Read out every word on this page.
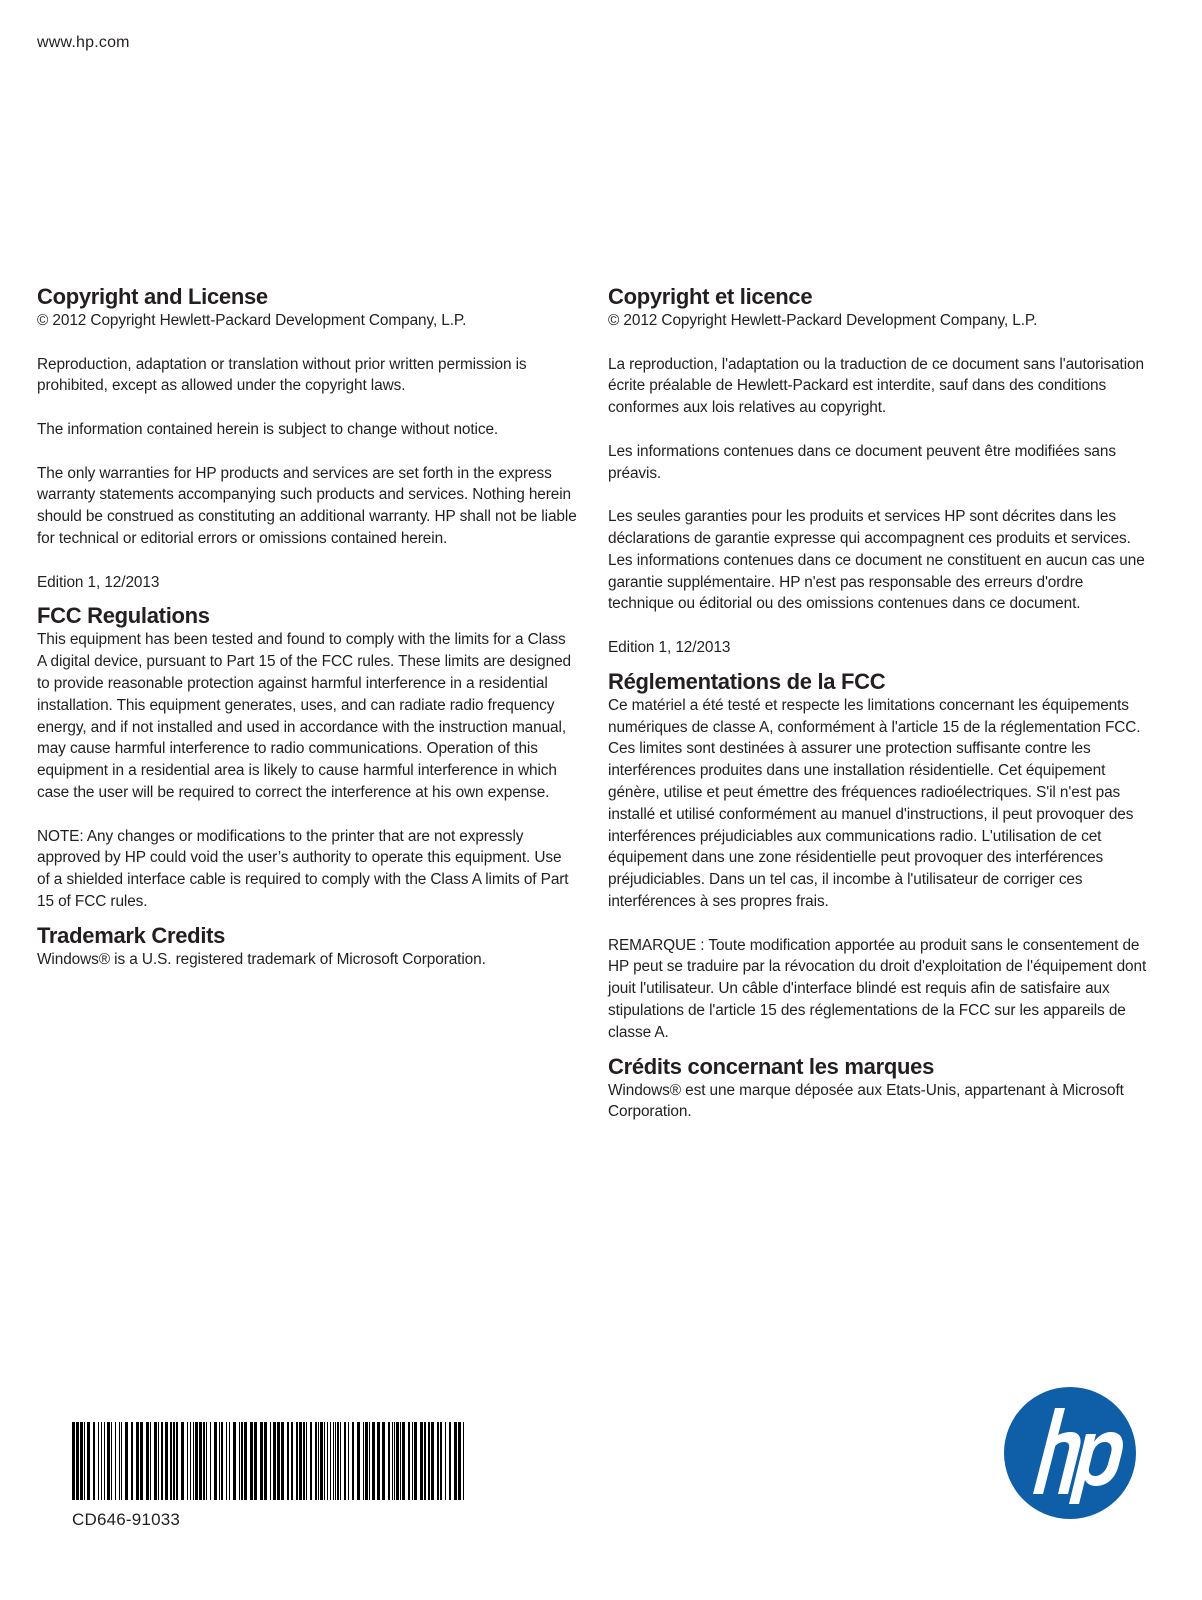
www.hp.com
Copyright and License

© 2012 Copyright Hewlett-Packard Development Company, L.P.

Reproduction, adaptation or translation without prior written permission is prohibited, except as allowed under the copyright laws.

The information contained herein is subject to change without notice.

The only warranties for HP products and services are set forth in the express warranty statements accompanying such products and services. Nothing herein should be construed as constituting an additional warranty. HP shall not be liable for technical or editorial errors or omissions contained herein.

Edition 1, 12/2013

FCC Regulations

This equipment has been tested and found to comply with the limits for a Class A digital device, pursuant to Part 15 of the FCC rules. These limits are designed to provide reasonable protection against harmful interference in a residential installation. This equipment generates, uses, and can radiate radio frequency energy, and if not installed and used in accordance with the instruction manual, may cause harmful interference to radio communications. Operation of this equipment in a residential area is likely to cause harmful interference in which case the user will be required to correct the interference at his own expense.

NOTE: Any changes or modifications to the printer that are not expressly approved by HP could void the user’s authority to operate this equipment. Use of a shielded interface cable is required to comply with the Class A limits of Part 15 of FCC rules.

Trademark Credits

Windows® is a U.S. registered trademark of Microsoft Corporation.

Copyright et licence

© 2012 Copyright Hewlett-Packard Development Company, L.P.

La reproduction, l'adaptation ou la traduction de ce document sans l'autorisation écrite préalable de Hewlett-Packard est interdite, sauf dans des conditions conformes aux lois relatives au copyright.

Les informations contenues dans ce document peuvent être modifiées sans préavis.

Les seules garanties pour les produits et services HP sont décrites dans les déclarations de garantie expresse qui accompagnent ces produits et services. Les informations contenues dans ce document ne constituent en aucun cas une garantie supplémentaire. HP n'est pas responsable des erreurs d'ordre technique ou éditorial ou des omissions contenues dans ce document.

Edition 1, 12/2013

Réglementations de la FCC

Ce matériel a été testé et respecte les limitations concernant les équipements numériques de classe A, conformément à l'article 15 de la réglementation FCC. Ces limites sont destinées à assurer une protection suffisante contre les interférences produites dans une installation résidentielle. Cet équipement génère, utilise et peut émettre des fréquences radioélectriques. S'il n'est pas installé et utilisé conformément au manuel d'instructions, il peut provoquer des interférences préjudiciables aux communications radio. L'utilisation de cet équipement dans une zone résidentielle peut provoquer des interférences préjudiciables. Dans un tel cas, il incombe à l'utilisateur de corriger ces interférences à ses propres frais.

REMARQUE : Toute modification apportée au produit sans le consentement de HP peut se traduire par la révocation du droit d'exploitation de l'équipement dont jouit l'utilisateur. Un câble d'interface blindé est requis afin de satisfaire aux stipulations de l'article 15 des réglementations de la FCC sur les appareils de classe A.

Crédits concernant les marques

Windows® est une marque déposée aux Etats-Unis, appartenant à Microsoft Corporation.

CD646-91033
